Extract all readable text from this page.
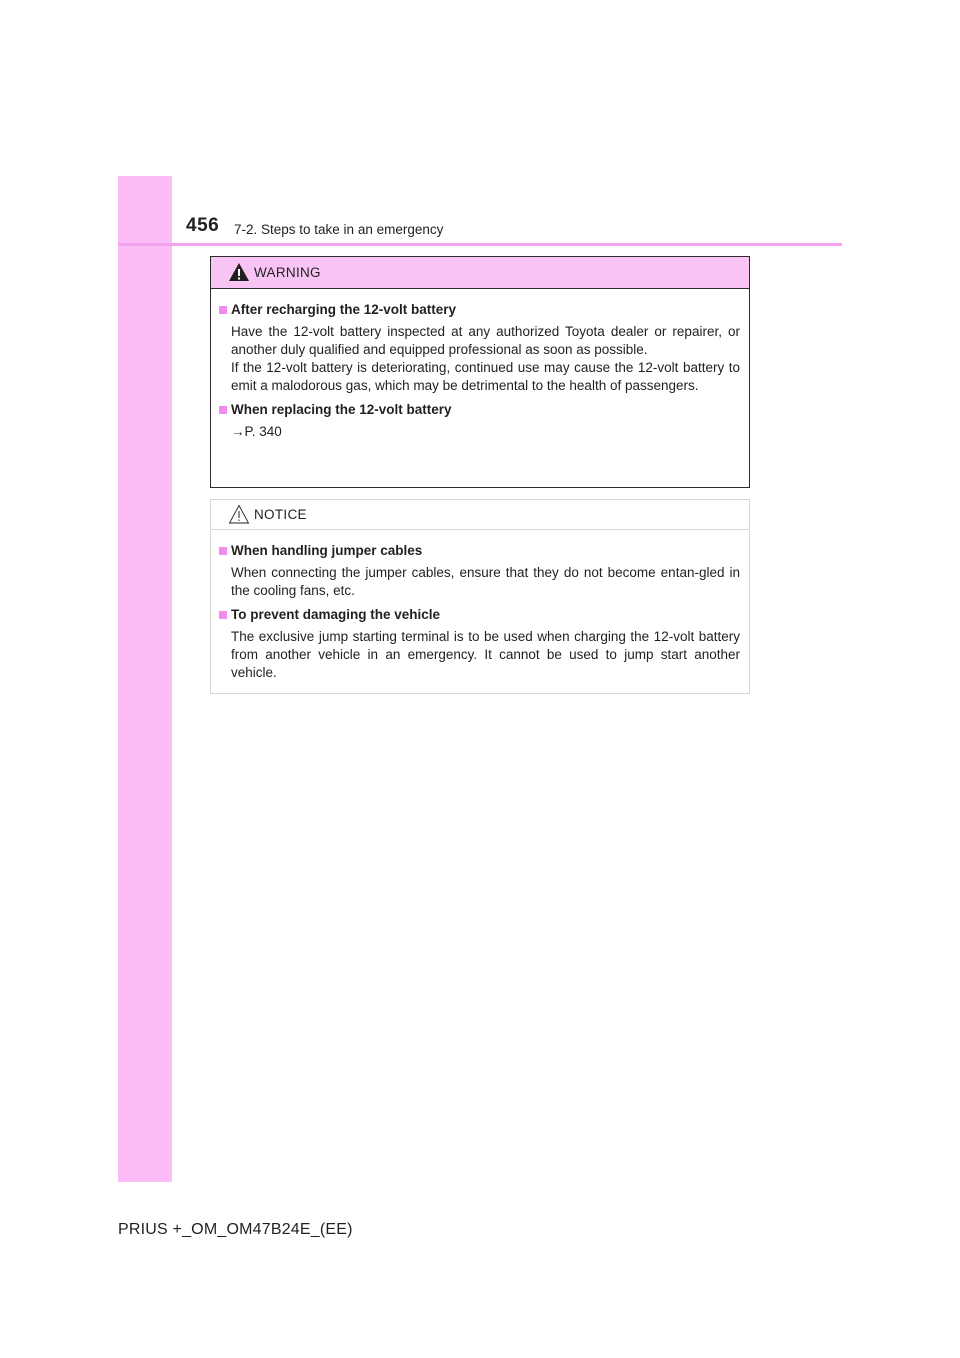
456 7-2. Steps to take in an emergency
WARNING
After recharging the 12-volt battery

Have the 12-volt battery inspected at any authorized Toyota dealer or repairer, or another duly qualified and equipped professional as soon as possible.

If the 12-volt battery is deteriorating, continued use may cause the 12-volt battery to emit a malodorous gas, which may be detrimental to the health of passengers.

When replacing the 12-volt battery
→P. 340
NOTICE
When handling jumper cables
When connecting the jumper cables, ensure that they do not become entan-gled in the cooling fans, etc.
To prevent damaging the vehicle
The exclusive jump starting terminal is to be used when charging the 12-volt battery from another vehicle in an emergency. It cannot be used to jump start another vehicle.
PRIUS +_OM_OM47B24E_(EE)
